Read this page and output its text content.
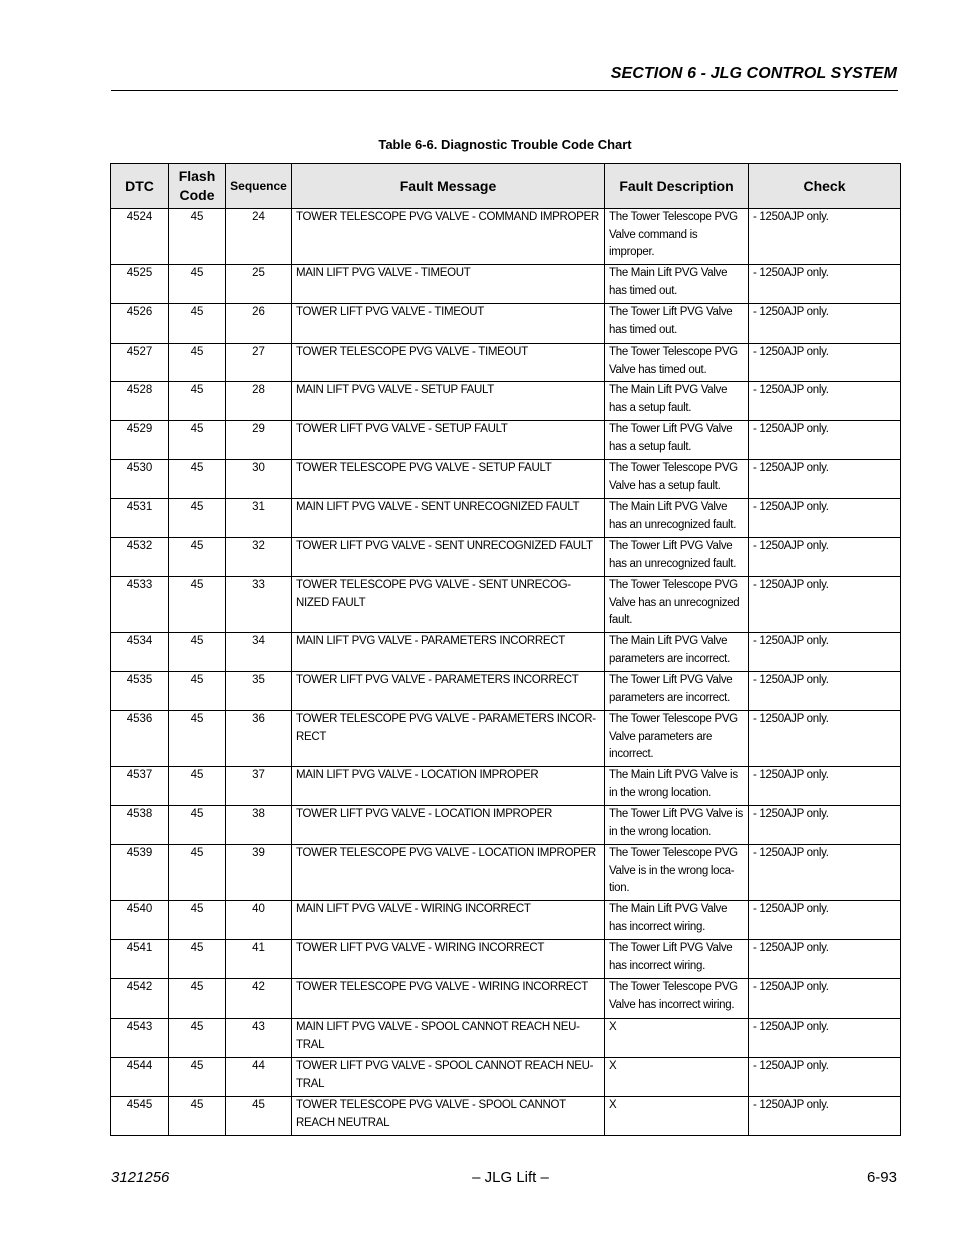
SECTION 6 - JLG CONTROL SYSTEM
Table 6-6. Diagnostic Trouble Code Chart
DTC	Flash Code	Sequence	Fault Message	Fault Description	Check
4524	45	24	TOWER TELESCOPE PVG VALVE - COMMAND IMPROPER	The Tower Telescope PVG Valve command is improper.	- 1250AJP only.
4525	45	25	MAIN LIFT PVG VALVE - TIMEOUT	The Main Lift PVG Valve has timed out.	- 1250AJP only.
4526	45	26	TOWER LIFT PVG VALVE - TIMEOUT	The Tower Lift PVG Valve has timed out.	- 1250AJP only.
4527	45	27	TOWER TELESCOPE PVG VALVE - TIMEOUT	The Tower Telescope PVG Valve has timed out.	- 1250AJP only.
4528	45	28	MAIN LIFT PVG VALVE - SETUP FAULT	The Main Lift PVG Valve has a setup fault.	- 1250AJP only.
4529	45	29	TOWER LIFT PVG VALVE - SETUP FAULT	The Tower Lift PVG Valve has a setup fault.	- 1250AJP only.
4530	45	30	TOWER TELESCOPE PVG VALVE - SETUP FAULT	The Tower Telescope PVG Valve has a setup fault.	- 1250AJP only.
4531	45	31	MAIN LIFT PVG VALVE - SENT UNRECOGNIZED FAULT	The Main Lift PVG Valve has an unrecognized fault.	- 1250AJP only.
4532	45	32	TOWER LIFT PVG VALVE - SENT UNRECOGNIZED FAULT	The Tower Lift PVG Valve has an unrecognized fault.	- 1250AJP only.
4533	45	33	TOWER TELESCOPE PVG VALVE - SENT UNRECOG-NIZED FAULT	The Tower Telescope PVG Valve has an unrecognized fault.	- 1250AJP only.
4534	45	34	MAIN LIFT PVG VALVE - PARAMETERS INCORRECT	The Main Lift PVG Valve parameters are incorrect.	- 1250AJP only.
4535	45	35	TOWER LIFT PVG VALVE - PARAMETERS INCORRECT	The Tower Lift PVG Valve parameters are incorrect.	- 1250AJP only.
4536	45	36	TOWER TELESCOPE PVG VALVE - PARAMETERS INCOR-RECT	The Tower Telescope PVG Valve parameters are incorrect.	- 1250AJP only.
4537	45	37	MAIN LIFT PVG VALVE - LOCATION IMPROPER	The Main Lift PVG Valve is in the wrong location.	- 1250AJP only.
4538	45	38	TOWER LIFT PVG VALVE - LOCATION IMPROPER	The Tower Lift PVG Valve is in the wrong location.	- 1250AJP only.
4539	45	39	TOWER TELESCOPE PVG VALVE - LOCATION IMPROPER	The Tower Telescope PVG Valve is in the wrong loca-tion.	- 1250AJP only.
4540	45	40	MAIN LIFT PVG VALVE - WIRING INCORRECT	The Main Lift PVG Valve has incorrect wiring.	- 1250AJP only.
4541	45	41	TOWER LIFT PVG VALVE - WIRING INCORRECT	The Tower Lift PVG Valve has incorrect wiring.	- 1250AJP only.
4542	45	42	TOWER TELESCOPE PVG VALVE - WIRING INCORRECT	The Tower Telescope PVG Valve has incorrect wiring.	- 1250AJP only.
4543	45	43	MAIN LIFT PVG VALVE - SPOOL CANNOT REACH NEU-TRAL	X	- 1250AJP only.
4544	45	44	TOWER LIFT PVG VALVE - SPOOL CANNOT REACH NEU-TRAL	X	- 1250AJP only.
4545	45	45	TOWER TELESCOPE PVG VALVE - SPOOL CANNOT REACH NEUTRAL	X	- 1250AJP only.
3121256	– JLG Lift –	6-93
